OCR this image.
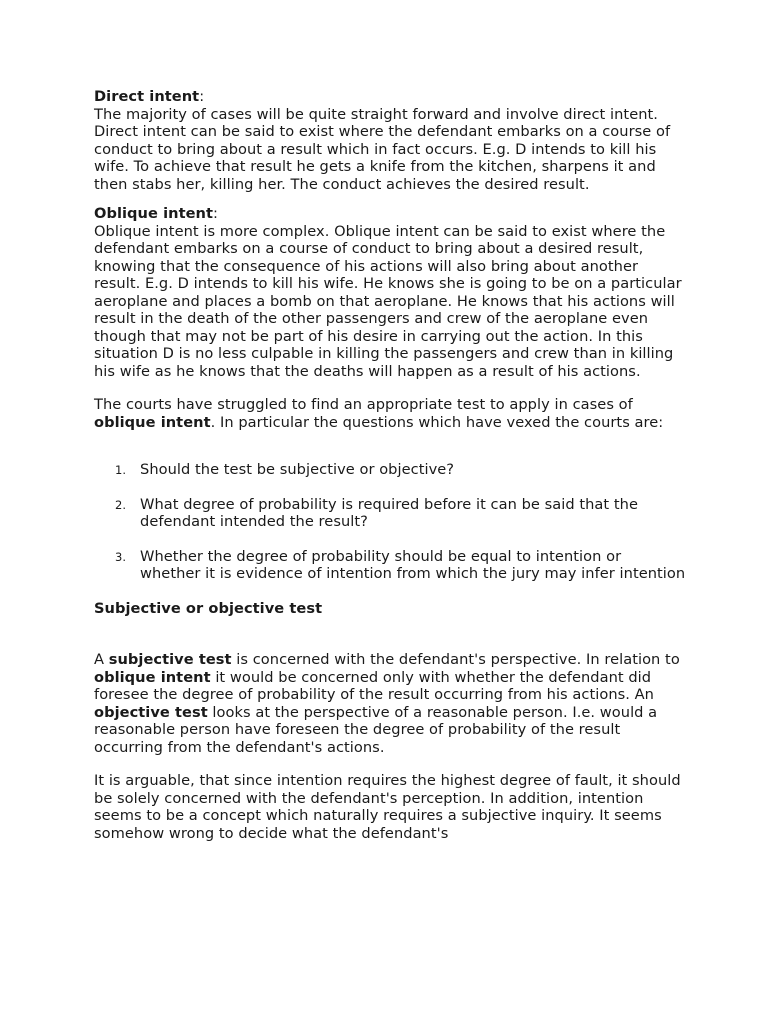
Direct intent:

The majority of cases will be quite straight forward and involve direct intent. Direct intent can be said to exist where the defendant embarks on a course of conduct to bring about a result which in fact occurs. E.g. D intends to kill his wife. To achieve that result he gets a knife from the kitchen, sharpens it and then stabs her, killing her. The conduct achieves the desired result.

Oblique intent:

Oblique intent is more complex. Oblique intent can be said to exist where the defendant embarks on a course of conduct to bring about a desired result, knowing that the consequence of his actions will also bring about another result. E.g. D intends to kill his wife. He knows she is going to be on a particular aeroplane and places a bomb on that aeroplane. He knows that his actions will result in the death of the other passengers and crew of the aeroplane even though that may not be part of his desire in carrying out the action. In this situation D is no less culpable in killing the passengers and crew than in killing his wife as he knows that the deaths will happen as a result of his actions.

The courts have struggled to find an appropriate test to apply in cases of oblique intent. In particular the questions which have vexed the courts are:

1. Should the test be subjective or objective?
2. What degree of probability is required before it can be said that the defendant intended the result?
3. Whether the degree of probability should be equal to intention or whether it is evidence of intention from which the jury may infer intention

Subjective or objective test

A subjective test is concerned with the defendant's perspective. In relation to oblique intent it would be concerned only with whether the defendant did foresee the degree of probability of the result occurring from his actions. An objective test looks at the perspective of a reasonable person. I.e. would a reasonable person have foreseen the degree of probability of the result occurring from the defendant's actions.

It is arguable, that since intention requires the highest degree of fault, it should be solely concerned with the defendant's perception. In addition, intention seems to be a concept which naturally requires a subjective inquiry. It seems somehow wrong to decide what the defendant's
